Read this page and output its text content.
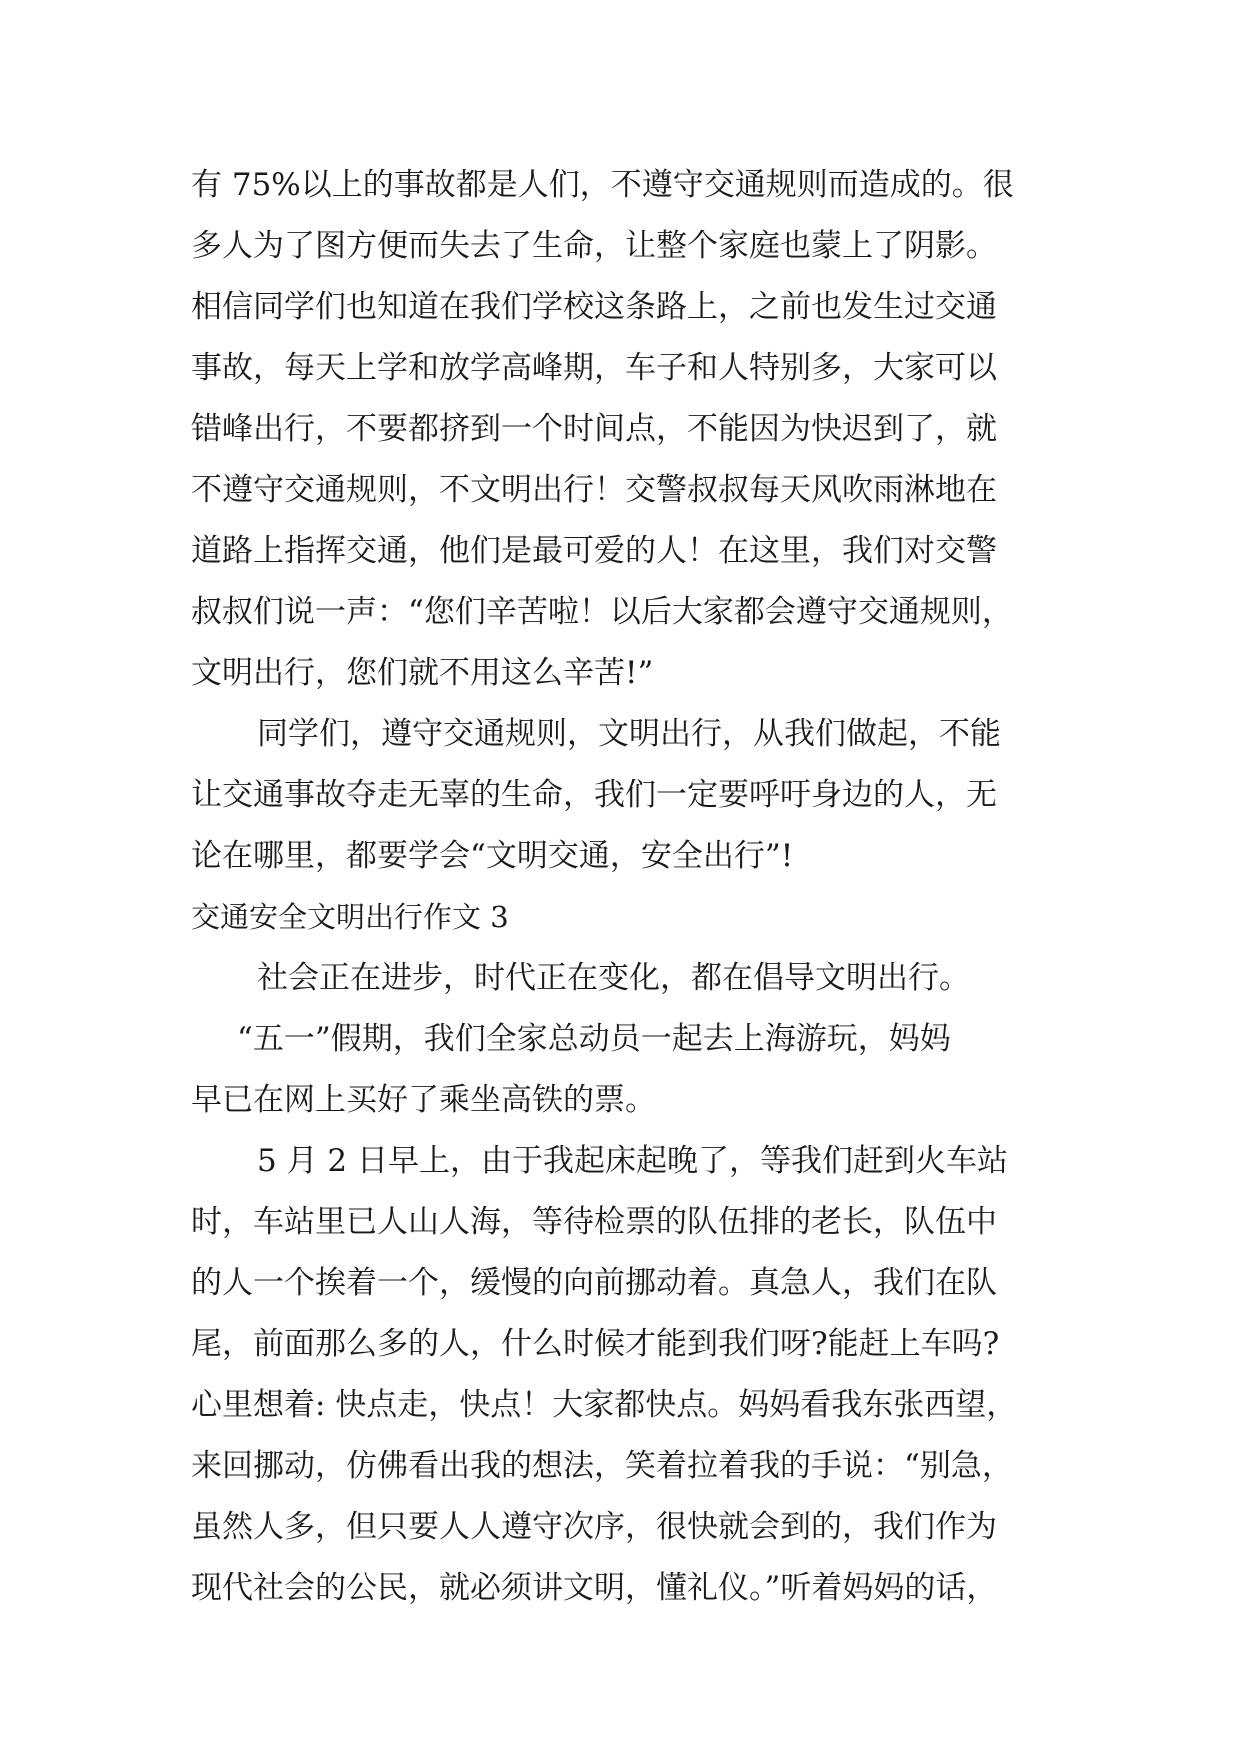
有 75%以上的事故都是人们，不遵守交通规则而造成的。很
多人为了图方便而失去了生命，让整个家庭也蒙上了阴影。
相信同学们也知道在我们学校这条路上，之前也发生过交通
事故，每天上学和放学高峰期，车子和人特别多，大家可以
错峰出行，不要都挤到一个时间点，不能因为快迟到了，就
不遵守交通规则，不文明出行！交警叔叔每天风吹雨淋地在
道路上指挥交通，他们是最可爱的人！在这里，我们对交警
叔叔们说一声：“您们辛苦啦！以后大家都会遵守交通规则，
文明出行，您们就不用这么辛苦!”
同学们，遵守交通规则，文明出行，从我们做起，不能
让交通事故夺走无辜的生命，我们一定要呼吁身边的人，无
论在哪里，都要学会“文明交通，安全出行”!
交通安全文明出行作文 3
社会正在进步，时代正在变化，都在倡导文明出行。
“五一”假期，我们全家总动员一起去上海游玩，妈妈
早已在网上买好了乘坐高铁的票。
5 月 2 日早上，由于我起床起晚了，等我们赶到火车站
时，车站里已人山人海，等待检票的队伍排的老长，队伍中
的人一个挨着一个，缓慢的向前挪动着。真急人，我们在队
尾，前面那么多的人，什么时候才能到我们呀?能赶上车吗?
心里想着: 快点走，快点！大家都快点。妈妈看我东张西望，
来回挪动，仿佛看出我的想法，笑着拉着我的手说：“别急，
虽然人多，但只要人人遵守次序，很快就会到的，我们作为
现代社会的公民，就必须讲文明，懂礼仪。”听着妈妈的话，
